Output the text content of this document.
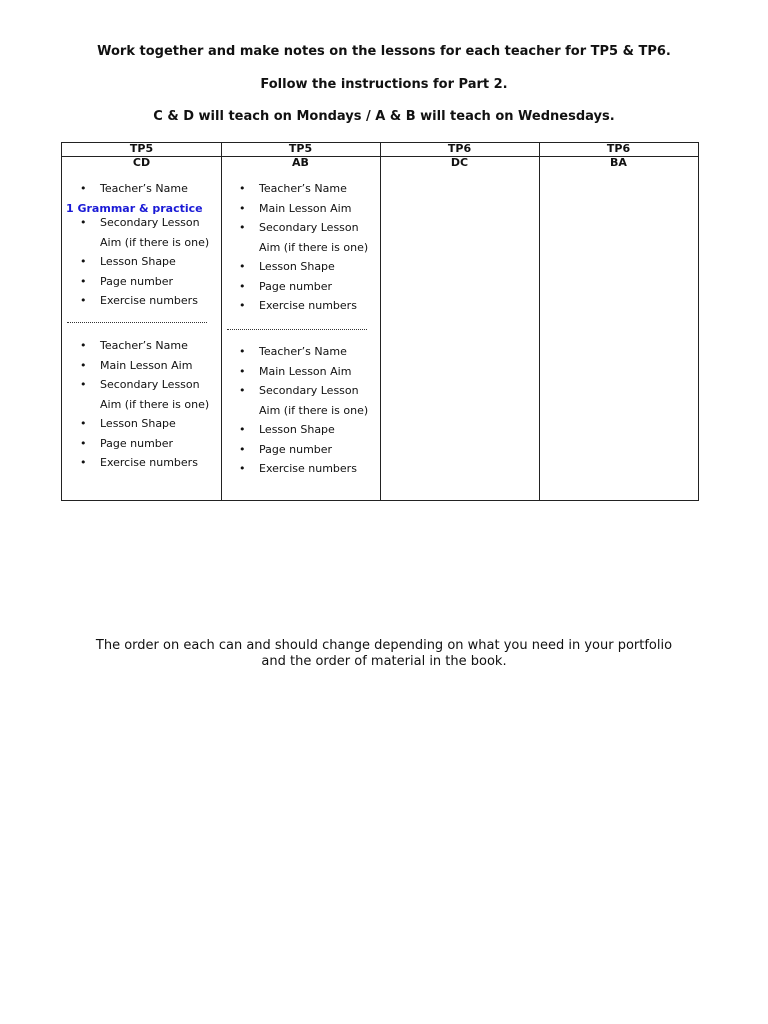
Work together and make notes on the lessons for each teacher for TP5 & TP6.
Follow the instructions for Part 2.
C & D will teach on Mondays / A & B will teach on Wednesdays.
TP5
CD
TP5
AB
TP6
DC
TP6
BA
• Teacher’s Name
1 Grammar & practice
• Secondary Lesson
Aim (if there is one)
• Lesson Shape
• Page number
• Exercise numbers
• Teacher’s Name
• Main Lesson Aim
• Secondary Lesson
Aim (if there is one)
• Lesson Shape
• Page number
• Exercise numbers
• Teacher’s Name
• Main Lesson Aim
• Secondary Lesson
Aim (if there is one)
• Lesson Shape
• Page number
• Exercise numbers
• Teacher’s Name
• Main Lesson Aim
• Secondary Lesson
Aim (if there is one)
• Lesson Shape
• Page number
• Exercise numbers
The order on each can and should change depending on what you need in your portfolio
and the order of material in the book.
